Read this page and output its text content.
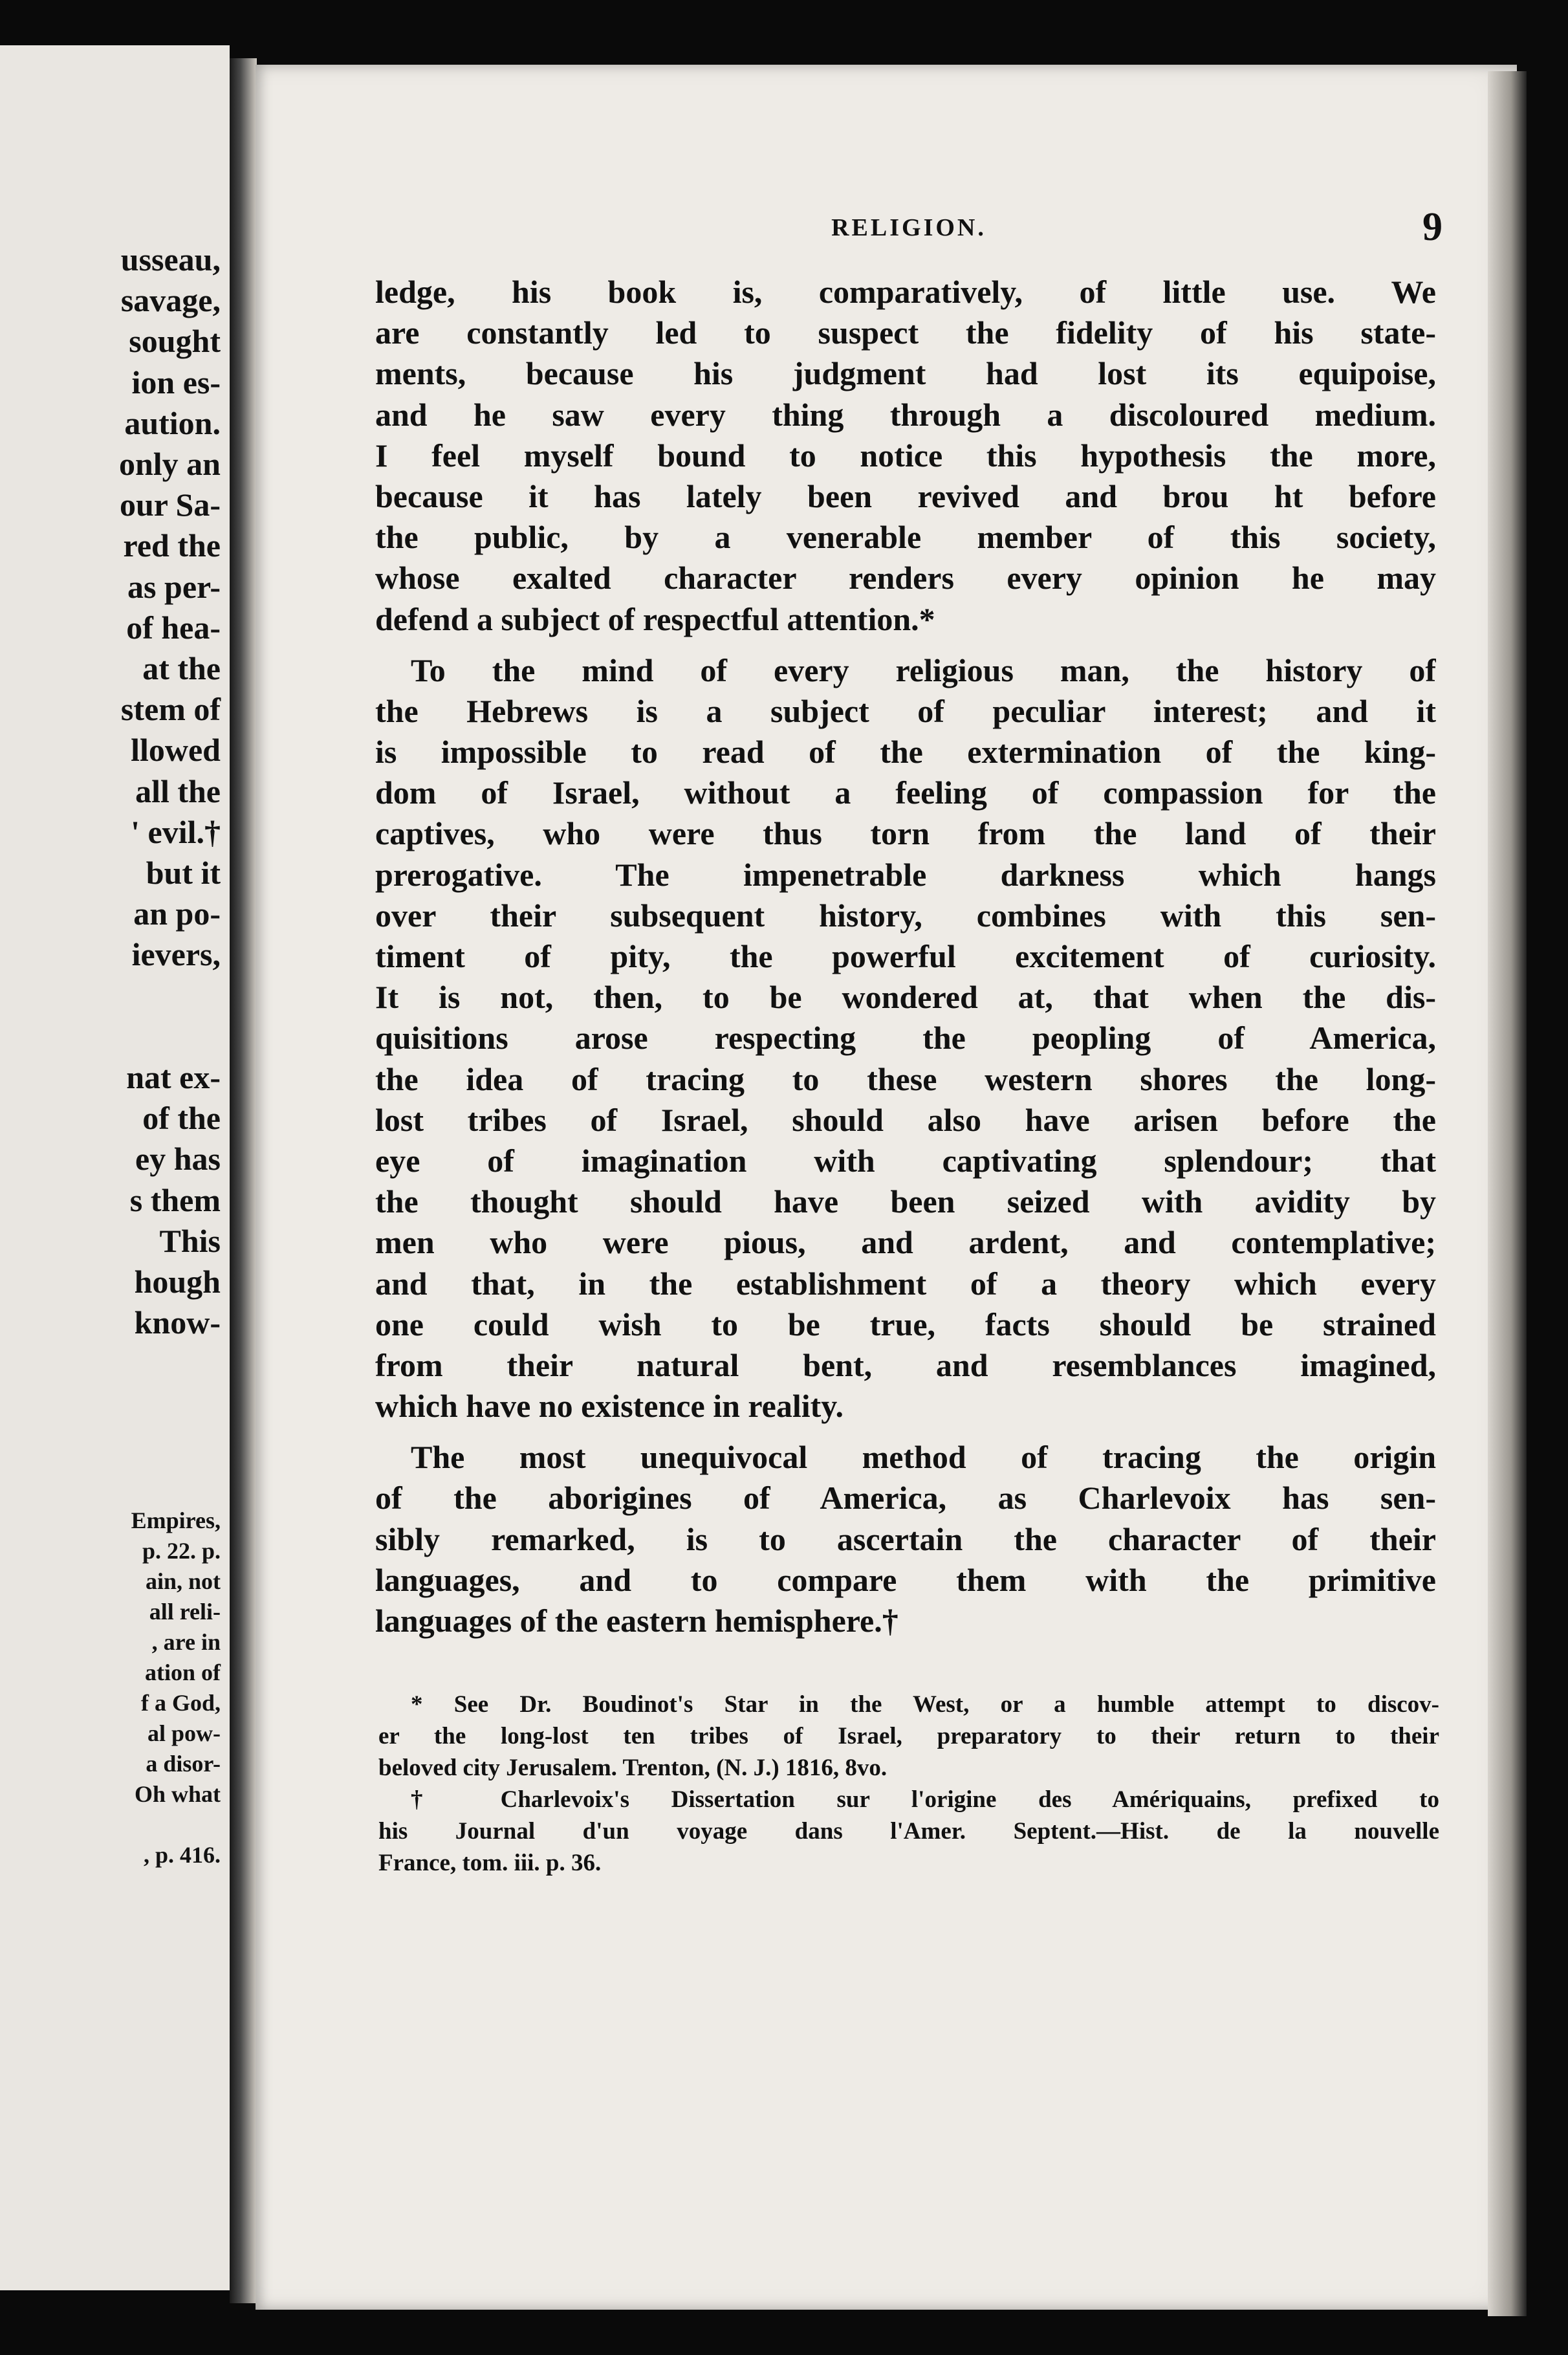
usseau,
savage,
sought
ion es-
aution.
only an
our Sa-
red the
as per-
of hea-
at the
stem of
llowed
all the
' evil.†
but it
an po-
ievers,
nat ex-
of the
ey has
s them
This
hough
know-
Empires,
p. 22. p.
ain, not
all reli-
, are in
ation of
f a God,
al pow-
a disor-
Oh what
, p. 416.
RELIGION.	9
ledge, his book is, comparatively, of little use. We
are constantly led to suspect the fidelity of his state-
ments, because his judgment had lost its equipoise,
and he saw every thing through a discoloured medium.
I feel myself bound to notice this hypothesis the more,
because it has lately been revived and brou ht before
the public, by a venerable member of this society,
whose exalted character renders every opinion he may
defend a subject of respectful attention.*
To the mind of every religious man, the history of
the Hebrews is a subject of peculiar interest; and it
is impossible to read of the extermination of the king-
dom of Israel, without a feeling of compassion for the
captives, who were thus torn from the land of their
prerogative. The impenetrable darkness which hangs
over their subsequent history, combines with this sen-
timent of pity, the powerful excitement of curiosity.
It is not, then, to be wondered at, that when the dis-
quisitions arose respecting the peopling of America,
the idea of tracing to these western shores the long-
lost tribes of Israel, should also have arisen before the
eye of imagination with captivating splendour; that
the thought should have been seized with avidity by
men who were pious, and ardent, and contemplative;
and that, in the establishment of a theory which every
one could wish to be true, facts should be strained
from their natural bent, and resemblances imagined,
which have no existence in reality.
The most unequivocal method of tracing the origin
of the aborigines of America, as Charlevoix has sen-
sibly remarked, is to ascertain the character of their
languages, and to compare them with the primitive
languages of the eastern hemisphere.†
* See Dr. Boudinot's Star in the West, or a humble attempt to discov-
er the long-lost ten tribes of Israel, preparatory to their return to their
beloved city Jerusalem. Trenton, (N. J.) 1816, 8vo.
† Charlevoix's Dissertation sur l'origine des Amériquains, prefixed to
his Journal d'un voyage dans l'Amer. Septent.—Hist. de la nouvelle
France, tom. iii. p. 36.
